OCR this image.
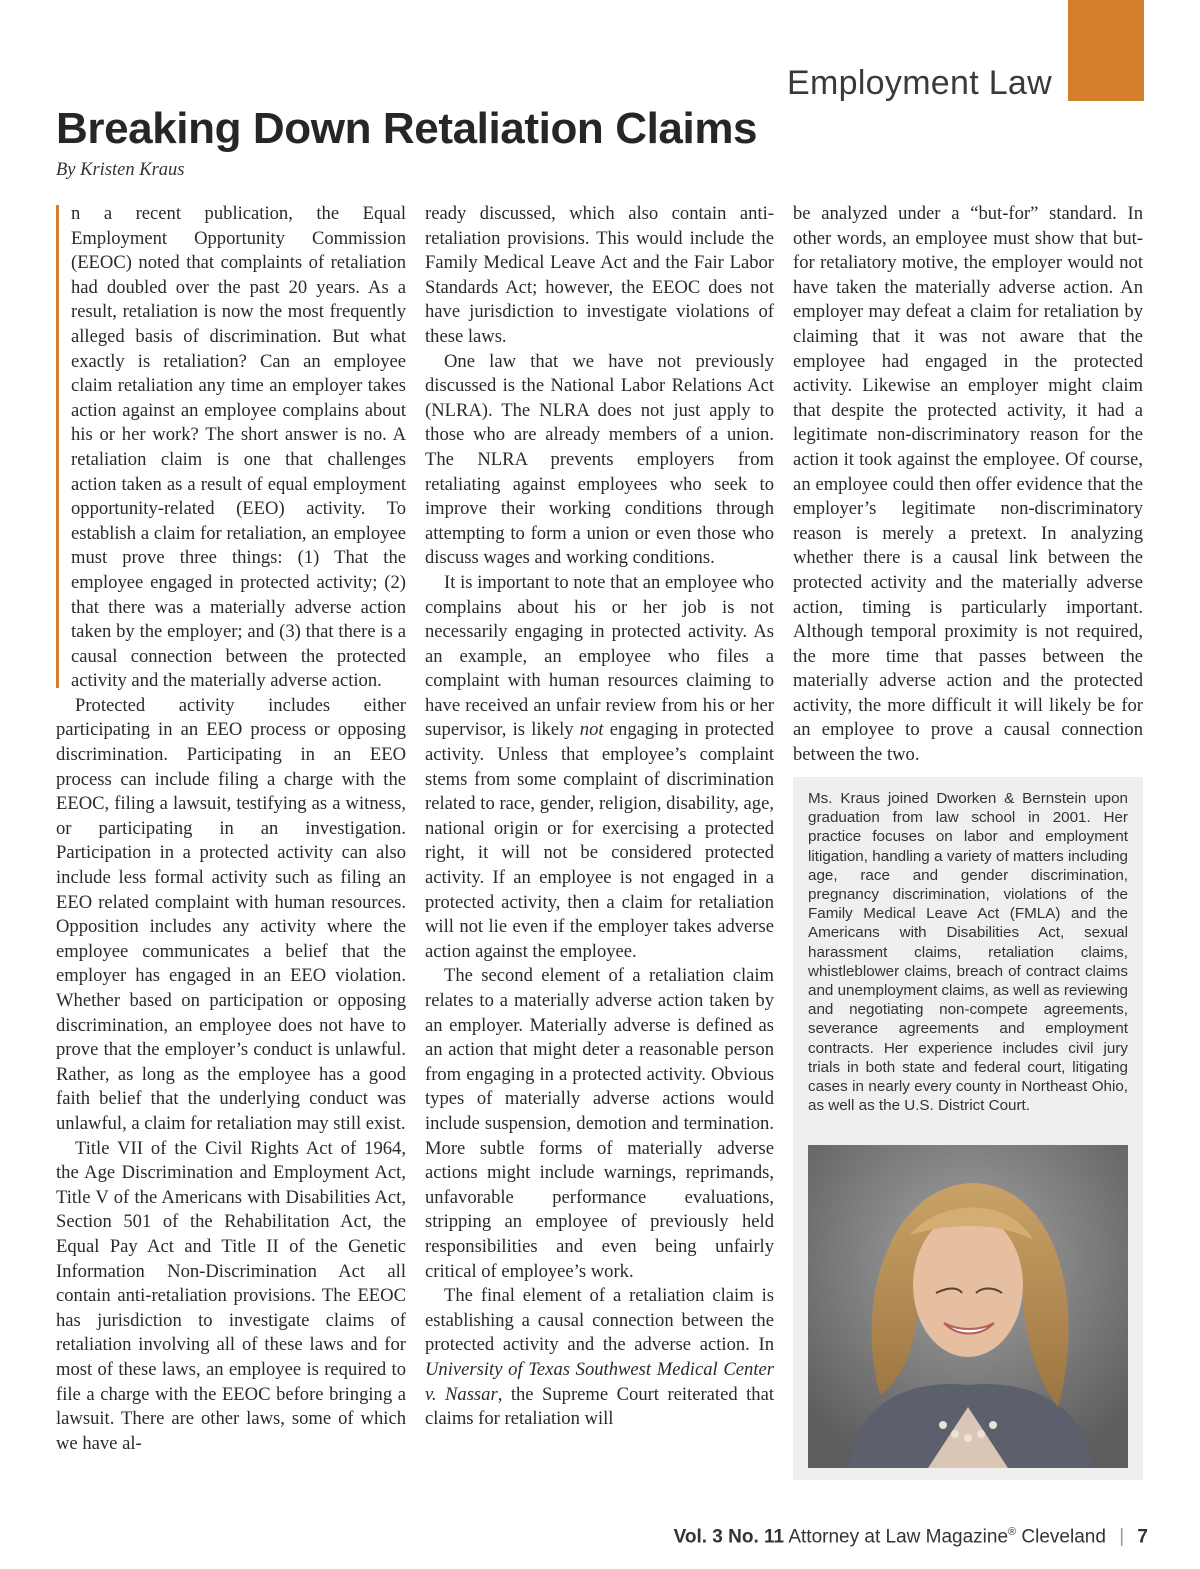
Employment Law
Breaking Down Retaliation Claims
By Kristen Kraus

n a recent publication, the Equal Employment Opportunity Commission (EEOC) noted that complaints of retaliation had doubled over the past 20 years. As a result, retaliation is now the most frequently alleged basis of discrimination. But what exactly is retaliation? Can an employee claim retaliation any time an employer takes action against an employee complains about his or her work? The short answer is no. A retaliation claim is one that challenges action taken as a result of equal employment opportunity-related (EEO) activity. To establish a claim for retaliation, an employee must prove three things: (1) That the employee engaged in protected activity; (2) that there was a materially adverse action taken by the employer; and (3) that there is a causal connection between the protected activity and the materially adverse action.

Protected activity includes either participating in an EEO process or opposing discrimination. Participating in an EEO process can include filing a charge with the EEOC, filing a lawsuit, testifying as a witness, or participating in an investigation. Participation in a protected activity can also include less formal activity such as filing an EEO related complaint with human resources. Opposition includes any activity where the employee communicates a belief that the employer has engaged in an EEO violation. Whether based on participation or opposing discrimination, an employee does not have to prove that the employer’s conduct is unlawful. Rather, as long as the employee has a good faith belief that the underlying conduct was unlawful, a claim for retaliation may still exist.

Title VII of the Civil Rights Act of 1964, the Age Discrimination and Employment Act, Title V of the Americans with Disabilities Act, Section 501 of the Rehabilitation Act, the Equal Pay Act and Title II of the Genetic Information Non-Discrimination Act all contain anti-retaliation provisions. The EEOC has jurisdiction to investigate claims of retaliation involving all of these laws and for most of these laws, an employee is required to file a charge with the EEOC before bringing a lawsuit. There are other laws, some of which we have al-

ready discussed, which also contain anti-retaliation provisions. This would include the Family Medical Leave Act and the Fair Labor Standards Act; however, the EEOC does not have jurisdiction to investigate violations of these laws.

One law that we have not previously discussed is the National Labor Relations Act (NLRA). The NLRA does not just apply to those who are already members of a union. The NLRA prevents employers from retaliating against employees who seek to improve their working conditions through attempting to form a union or even those who discuss wages and working conditions.

It is important to note that an employee who complains about his or her job is not necessarily engaging in protected activity. As an example, an employee who files a complaint with human resources claiming to have received an unfair review from his or her supervisor, is likely not engaging in protected activity. Unless that employee’s complaint stems from some complaint of discrimination related to race, gender, religion, disability, age, national origin or for exercising a protected right, it will not be considered protected activity. If an employee is not engaged in a protected activity, then a claim for retaliation will not lie even if the employer takes adverse action against the employee.

The second element of a retaliation claim relates to a materially adverse action taken by an employer. Materially adverse is defined as an action that might deter a reasonable person from engaging in a protected activity. Obvious types of materially adverse actions would include suspension, demotion and termination. More subtle forms of materially adverse actions might include warnings, reprimands, unfavorable performance evaluations, stripping an employee of previously held responsibilities and even being unfairly critical of employee’s work.

The final element of a retaliation claim is establishing a causal connection between the protected activity and the adverse action. In University of Texas Southwest Medical Center v. Nassar, the Supreme Court reiterated that claims for retaliation will

be analyzed under a “but-for” standard. In other words, an employee must show that but-for retaliatory motive, the employer would not have taken the materially adverse action. An employer may defeat a claim for retaliation by claiming that it was not aware that the employee had engaged in the protected activity. Likewise an employer might claim that despite the protected activity, it had a legitimate non-discriminatory reason for the action it took against the employee. Of course, an employee could then offer evidence that the employer’s legitimate non-discriminatory reason is merely a pretext. In analyzing whether there is a causal link between the protected activity and the materially adverse action, timing is particularly important. Although temporal proximity is not required, the more time that passes between the materially adverse action and the protected activity, the more difficult it will likely be for an employee to prove a causal connection between the two.

Ms. Kraus joined Dworken & Bernstein upon graduation from law school in 2001. Her practice focuses on labor and employment litigation, handling a variety of matters including age, race and gender discrimination, pregnancy discrimination, violations of the Family Medical Leave Act (FMLA) and the Americans with Disabilities Act, sexual harassment claims, retaliation claims, whistleblower claims, breach of contract claims and unemployment claims, as well as reviewing and negotiating non-compete agreements, severance agreements and employment contracts. Her experience includes civil jury trials in both state and federal court, litigating cases in nearly every county in Northeast Ohio, as well as the U.S. District Court.

Vol. 3 No. 11 Attorney at Law Magazine® Cleveland | 7
